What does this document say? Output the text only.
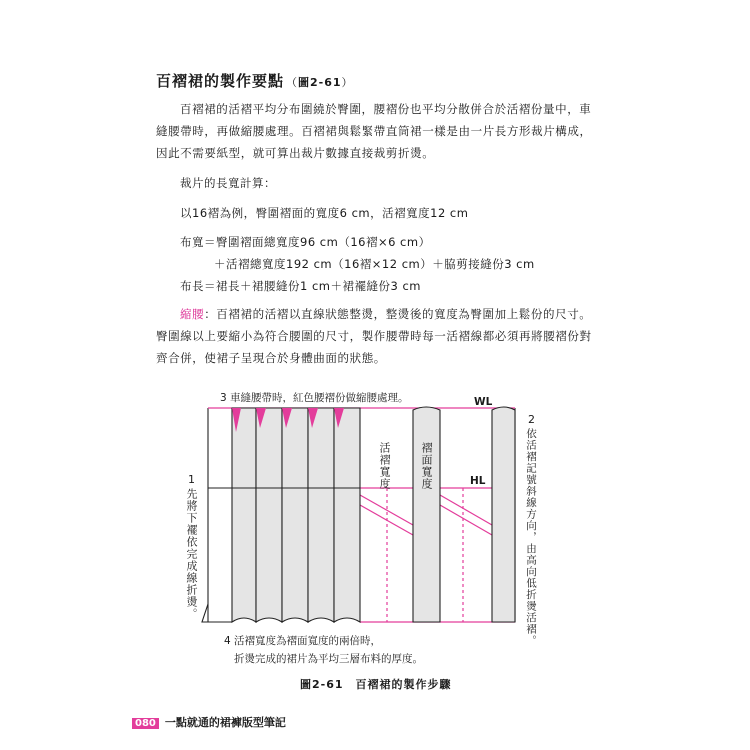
百褶裙的製作要點 （圖2-61）
百褶裙的活褶平均分布圍繞於臀圍，腰褶份也平均分散併合於活褶份量中，車縫腰帶時，再做縮腰處理。百褶裙與鬆緊帶直筒裙一樣是由一片長方形裁片構成，因此不需要紙型，就可算出裁片數據直接裁剪折燙。
裁片的長寬計算：
以16褶為例，臀圍褶面的寬度6 cm，活褶寬度12 cm
布寬＝臀圍褶面總寬度96 cm（16褶×6 cm）
＋活褶總寬度192 cm（16褶×12 cm）＋脇剪接縫份3 cm
布長＝裙長＋裙腰縫份1 cm＋裙襬縫份3 cm
縮腰：百褶裙的活褶以直線狀態整燙，整燙後的寬度為臀圍加上鬆份的尺寸。臀圍線以上要縮小為符合腰圍的尺寸，製作腰帶時每一活褶線都必須再將腰褶份對齊合併，使裙子呈現合於身體曲面的狀態。
3 車縫腰帶時，紅色腰褶份做縮腰處理。	WL
HL
活褶寬度	褶面寬度
1
先將下襬依完成線折燙。
2
依活褶記號斜線方向，由高向低折燙活褶。
4 活褶寬度為褶面寬度的兩倍時，
折燙完成的裙片為平均三層布料的厚度。
圖2-61　百褶裙的製作步驟
080 一點就通的裙褲版型筆記
